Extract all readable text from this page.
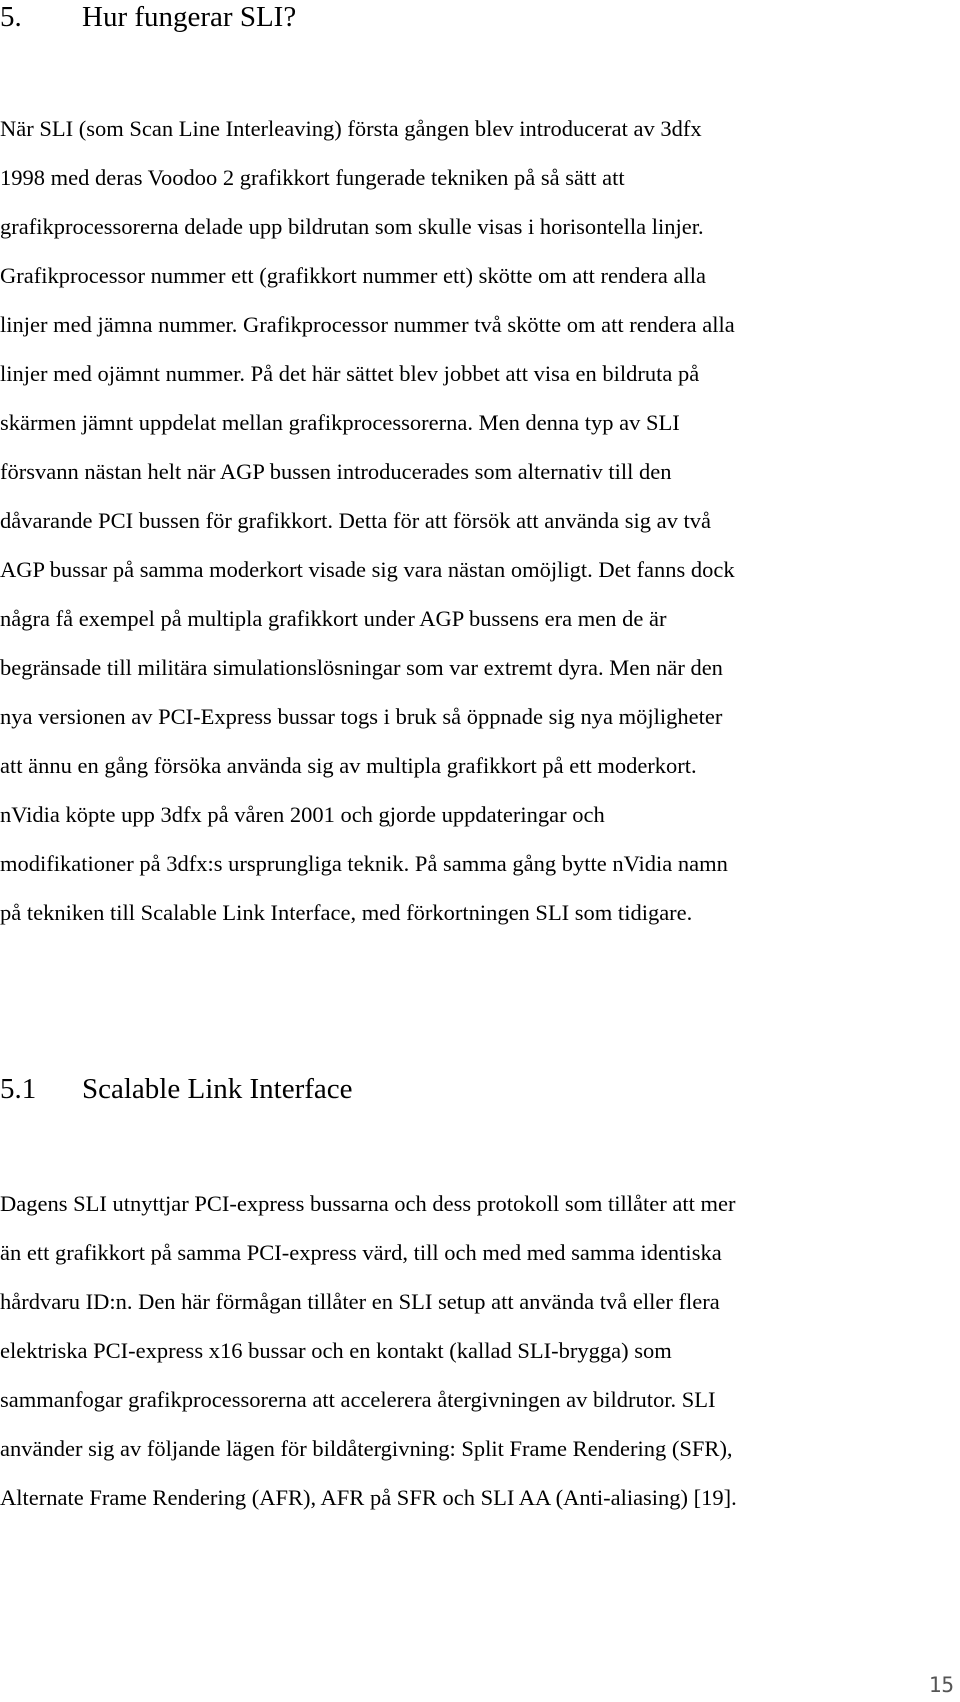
5. Hur fungerar SLI?

När SLI (som Scan Line Interleaving) första gången blev introducerat av 3dfx
1998 med deras Voodoo 2 grafikkort fungerade tekniken på så sätt att
grafikprocessorerna delade upp bildrutan som skulle visas i horisontella linjer.
Grafikprocessor nummer ett (grafikkort nummer ett) skötte om att rendera alla
linjer med jämna nummer. Grafikprocessor nummer två skötte om att rendera alla
linjer med ojämnt nummer. På det här sättet blev jobbet att visa en bildruta på
skärmen jämnt uppdelat mellan grafikprocessorerna. Men denna typ av SLI
försvann nästan helt när AGP bussen introducerades som alternativ till den
dåvarande PCI bussen för grafikkort. Detta för att försök att använda sig av två
AGP bussar på samma moderkort visade sig vara nästan omöjligt. Det fanns dock
några få exempel på multipla grafikkort under AGP bussens era men de är
begränsade till militära simulationslösningar som var extremt dyra. Men när den
nya versionen av PCI-Express bussar togs i bruk så öppnade sig nya möjligheter
att ännu en gång försöka använda sig av multipla grafikkort på ett moderkort.
nVidia köpte upp 3dfx på våren 2001 och gjorde uppdateringar och
modifikationer på 3dfx:s ursprungliga teknik. På samma gång bytte nVidia namn
på tekniken till Scalable Link Interface, med förkortningen SLI som tidigare.

5.1 Scalable Link Interface

Dagens SLI utnyttjar PCI-express bussarna och dess protokoll som tillåter att mer
än ett grafikkort på samma PCI-express värd, till och med med samma identiska
hårdvaru ID:n. Den här förmågan tillåter en SLI setup att använda två eller flera
elektriska PCI-express x16 bussar och en kontakt (kallad SLI-brygga) som
sammanfogar grafikprocessorerna att accelerera återgivningen av bildrutor. SLI
använder sig av följande lägen för bildåtergivning: Split Frame Rendering (SFR),
Alternate Frame Rendering (AFR), AFR på SFR och SLI AA (Anti-aliasing) [19].

15
